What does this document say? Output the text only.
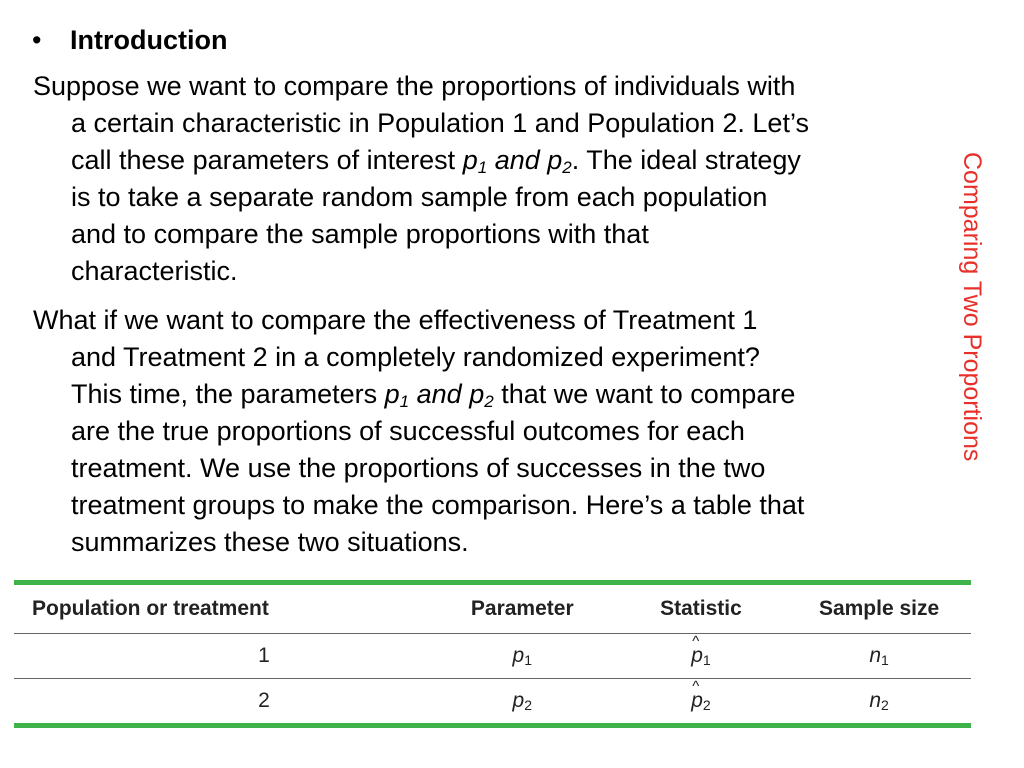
• Introduction
Suppose we want to compare the proportions of individuals with
a certain characteristic in Population 1 and Population 2. Let’s
call these parameters of interest $p_1$ and $p_2$. The ideal strategy
is to take a separate random sample from each population
and to compare the sample proportions with that
characteristic.
What if we want to compare the effectiveness of Treatment 1
and Treatment 2 in a completely randomized experiment?
This time, the parameters $p_1$ and $p_2$ that we want to compare
are the true proportions of successful outcomes for each
treatment. We use the proportions of successes in the two
treatment groups to make the comparison. Here’s a table that
summarizes these two situations.
Comparing Two Proportions
Population or treatment	Parameter	Statistic	Sample size
1	p1	^ p1	n1
2	p2	^ p2	n2
